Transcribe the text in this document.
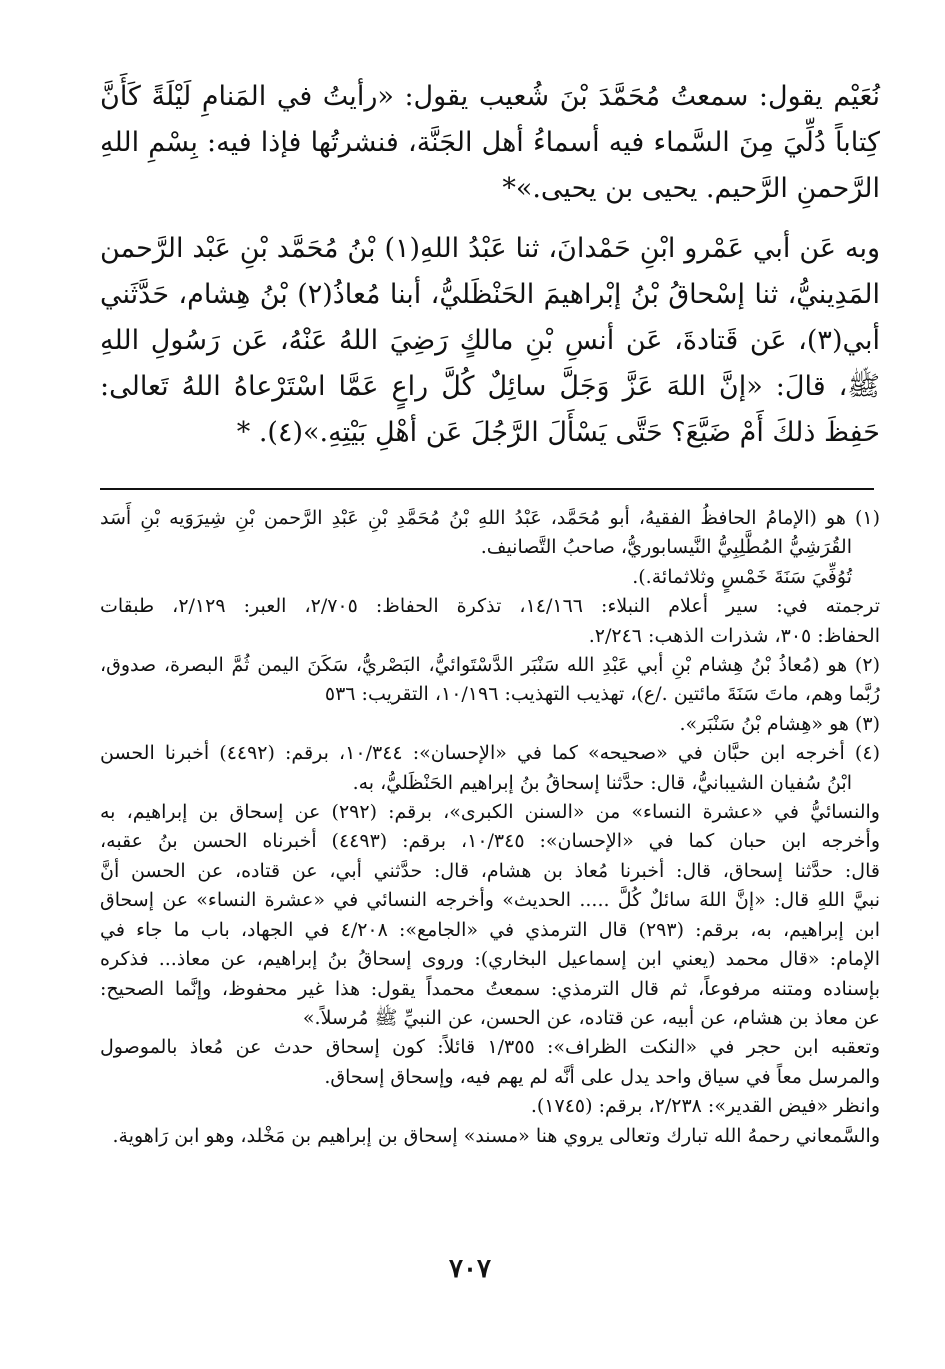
نُعَيْم يقول: سمعتُ مُحَمَّدَ بْنَ شُعيب يقول: «رأيتُ في المَنامِ لَيْلَةً كَأَنَّ كِتاباً دُلِّيَ مِنَ السَّماء فيه أسماءُ أهل الجَنَّة، فنشرتُها فإذا فيه: بِسْمِ اللهِ الرَّحمنِ الرَّحيم. يحيى بن يحيى.»*

وبه عَن أبي عَمْرو ابْنِ حَمْدانَ، ثنا عَبْدُ اللهِ(١) بْنُ مُحَمَّد بْنِ عَبْد الرَّحمن المَدِينيُّ، ثنا إسْحاقُ بْنُ إبْراهيمَ الحَنْظَليُّ، أبنا مُعاذُ(٢) بْنُ هِشام، حَدَّثَني أبي(٣)، عَن قَتادةَ، عَن أنسِ بْنِ مالكٍ رَضِيَ اللهُ عَنْهُ، عَن رَسُولِ اللهِ ﷺ، قالَ: «إنَّ اللهَ عَزَّ وَجَلَّ سائِلٌ كُلَّ راعٍ عَمَّا اسْتَرْعاهُ اللهُ تَعالى: حَفِظَ ذلكَ أَمْ ضَيَّعَ؟ حَتَّى يَسْأَلَ الرَّجُلَ عَن أهْلِ بَيْتِهِ.»(٤). *

(١) هو (الإمامُ الحافظُ الفقيهُ، أبو مُحَمَّد، عَبْدُ اللهِ بْنُ مُحَمَّدِ بْنِ عَبْدِ الرَّحمن بْنِ شِيرَوَيه بْنِ أَسَد

القُرَشِيُّ المُطَّلِبِيُّ النَّيسابوريُّ، صاحبُ التَّصانيف.

تُوُفِّيَ سَنَةَ خَمْسٍ وثلاثمائة.).

ترجمته في: سير أعلام النبلاء: ١٤/١٦٦، تذكرة الحفاظ: ٢/٧٠٥، العبر: ٢/١٢٩، طبقات

الحفاظ: ٣٠٥، شذرات الذهب: ٢/٢٤٦.

(٢) هو (مُعاذُ بْنُ هِشام بْنِ أبي عَبْدِ الله سَنْبَر الدَّسْتَوائيُّ، البَصْريُّ، سَكَنَ اليمن ثُمَّ البصرة، صدوق،

رُبَّما وهم، ماتَ سَنَةَ مائتين ./ع)، تهذيب التهذيب: ١٠/١٩٦، التقريب: ٥٣٦

(٣) هو «هِشام بْنُ سَنْبَر».

(٤) أخرجه ابن حبَّان في «صحيحه» كما في «الإحسان»: ١٠/٣٤٤، برقم: (٤٤٩٢) أخبرنا الحسن

ابْنُ سُفيان الشيبانيُّ، قال: حدَّثنا إسحاقُ بنُ إبراهيم الحَنْظَليُّ، به.

والنسائيُّ في «عشرة النساء» من «السنن الكبرى»، برقم: (٢٩٢) عن إسحاق بن إبراهيم، به

وأخرجه ابن حبان كما في «الإحسان»: ١٠/٣٤٥، برقم: (٤٤٩٣) أخبرناه الحسن بنُ عقبه،

قال: حدَّثنا إسحاق، قال: أخبرنا مُعاذ بن هشام، قال: حدَّثني أبي، عن قتاده، عن الحسن أنَّ

نبيَّ اللهِ قال: «إنَّ اللهَ سائلٌ كُلَّ ..... الحديث» وأخرجه النسائي في «عشرة النساء» عن إسحاق

ابن إبراهيم، به، برقم: (٢٩٣) قال الترمذي في «الجامع»: ٤/٢٠٨ في الجهاد، باب ما جاء في

الإمام: «قال محمد (يعني ابن إسماعيل البخاري): وروى إسحاقُ بنُ إبراهيم، عن معاذ... فذكره

بإسناده ومتنه مرفوعاً، ثم قال الترمذي: سمعتُ محمداً يقول: هذا غير محفوظ، وإنَّما الصحيح:

عن معاذ بن هشام، عن أبيه، عن قتاده، عن الحسن، عن النبيِّ ﷺ مُرسلاً.»

وتعقبه ابن حجر في «النكت الظراف»: ١/٣٥٥ قائلاً: كون إسحاق حدث عن مُعاذ بالموصول

والمرسل معاً في سياق واحد يدل على أنَّه لم يهم فيه، وإسحاق إسحاق.

وانظر «فيض القدير»: ٢/٢٣٨، برقم: (١٧٤٥).

والسَّمعاني رحمهُ الله تبارك وتعالى يروي هنا «مسند» إسحاق بن إبراهيم بن مَخْلد، وهو ابن رَاهوية.

٧٠٧
